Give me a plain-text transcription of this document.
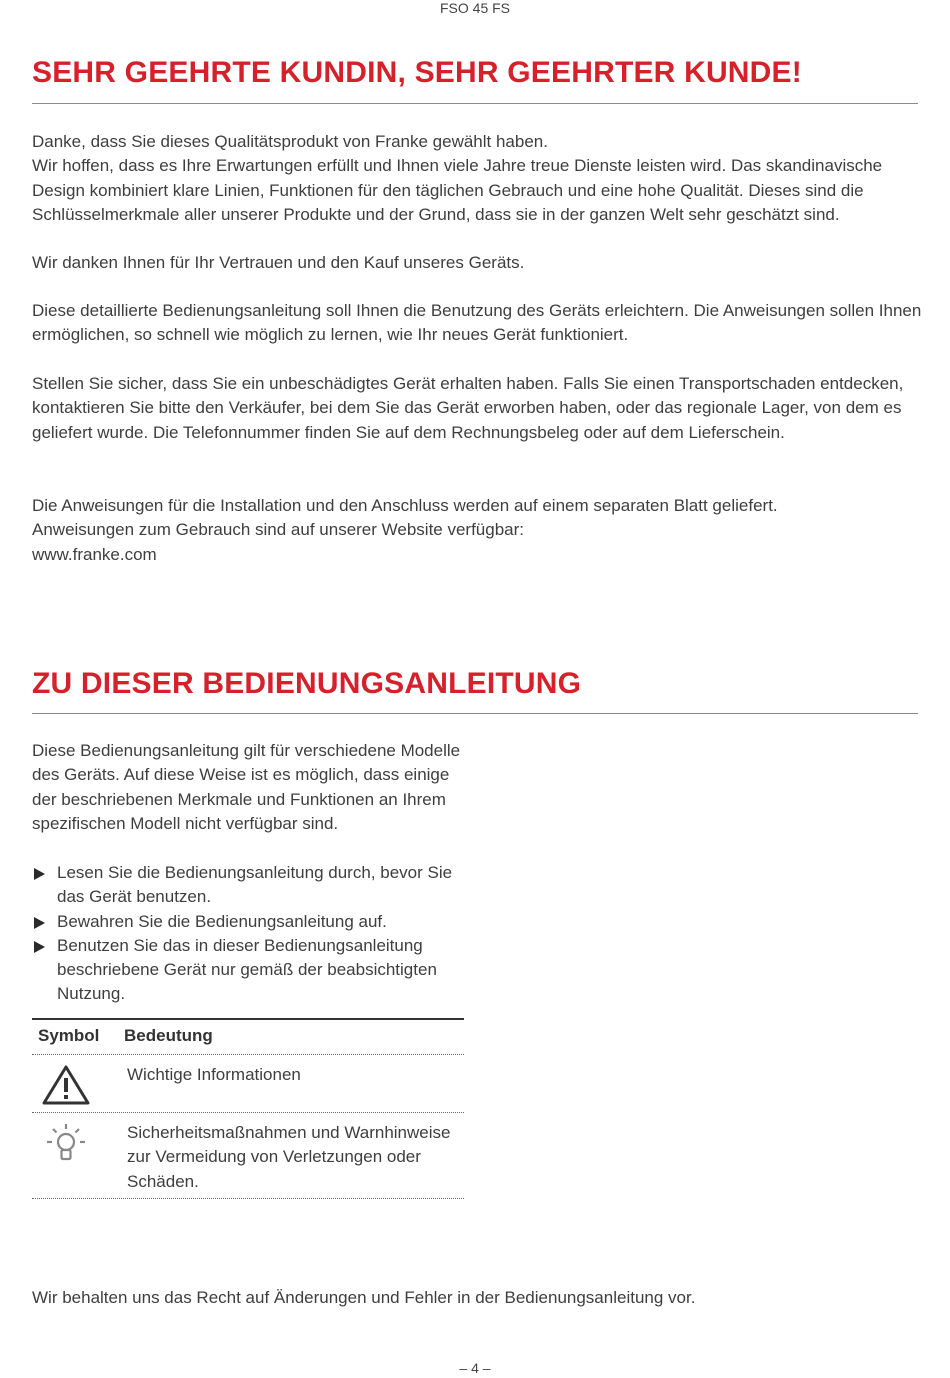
FSO 45 FS
SEHR GEEHRTE KUNDIN, SEHR GEEHRTER KUNDE!

Danke, dass Sie dieses Qualitätsprodukt von Franke gewählt haben.
Wir hoffen, dass es Ihre Erwartungen erfüllt und Ihnen viele Jahre treue Dienste leisten wird. Das skandinavische Design kombiniert klare Linien, Funktionen für den täglichen Gebrauch und eine hohe Qualität. Dieses sind die Schlüsselmerkmale aller unserer Produkte und der Grund, dass sie in der ganzen Welt sehr geschätzt sind.

Wir danken Ihnen für Ihr Vertrauen und den Kauf unseres Geräts.

Diese detaillierte Bedienungsanleitung soll Ihnen die Benutzung des Geräts erleichtern. Die Anweisungen sollen Ihnen ermöglichen, so schnell wie möglich zu lernen, wie Ihr neues Gerät funktioniert.

Stellen Sie sicher, dass Sie ein unbeschädigtes Gerät erhalten haben. Falls Sie einen Transportschaden entdecken, kontaktieren Sie bitte den Verkäufer, bei dem Sie das Gerät erworben haben, oder das regionale Lager, von dem es geliefert wurde. Die Telefonnummer finden Sie auf dem Rechnungsbeleg oder auf dem Lieferschein.

Die Anweisungen für die Installation und den Anschluss werden auf einem separaten Blatt geliefert.
Anweisungen zum Gebrauch sind auf unserer Website verfügbar:
www.franke.com

ZU DIESER BEDIENUNGSANLEITUNG

Diese Bedienungsanleitung gilt für verschiedene Modelle des Geräts. Auf diese Weise ist es möglich, dass einige der beschriebenen Merkmale und Funktionen an Ihrem spezifischen Modell nicht verfügbar sind.

Lesen Sie die Bedienungsanleitung durch, bevor Sie das Gerät benutzen.
Bewahren Sie die Bedienungsanleitung auf.
Benutzen Sie das in dieser Bedienungsanleitung beschriebene Gerät nur gemäß der beabsichtigten Nutzung.
Symbol Bedeutung
Wichtige Informationen
Sicherheitsmaßnahmen und Warnhinweise zur Vermeidung von Verletzungen oder Schäden.

Wir behalten uns das Recht auf Änderungen und Fehler in der Bedienungsanleitung vor.

– 4 –
